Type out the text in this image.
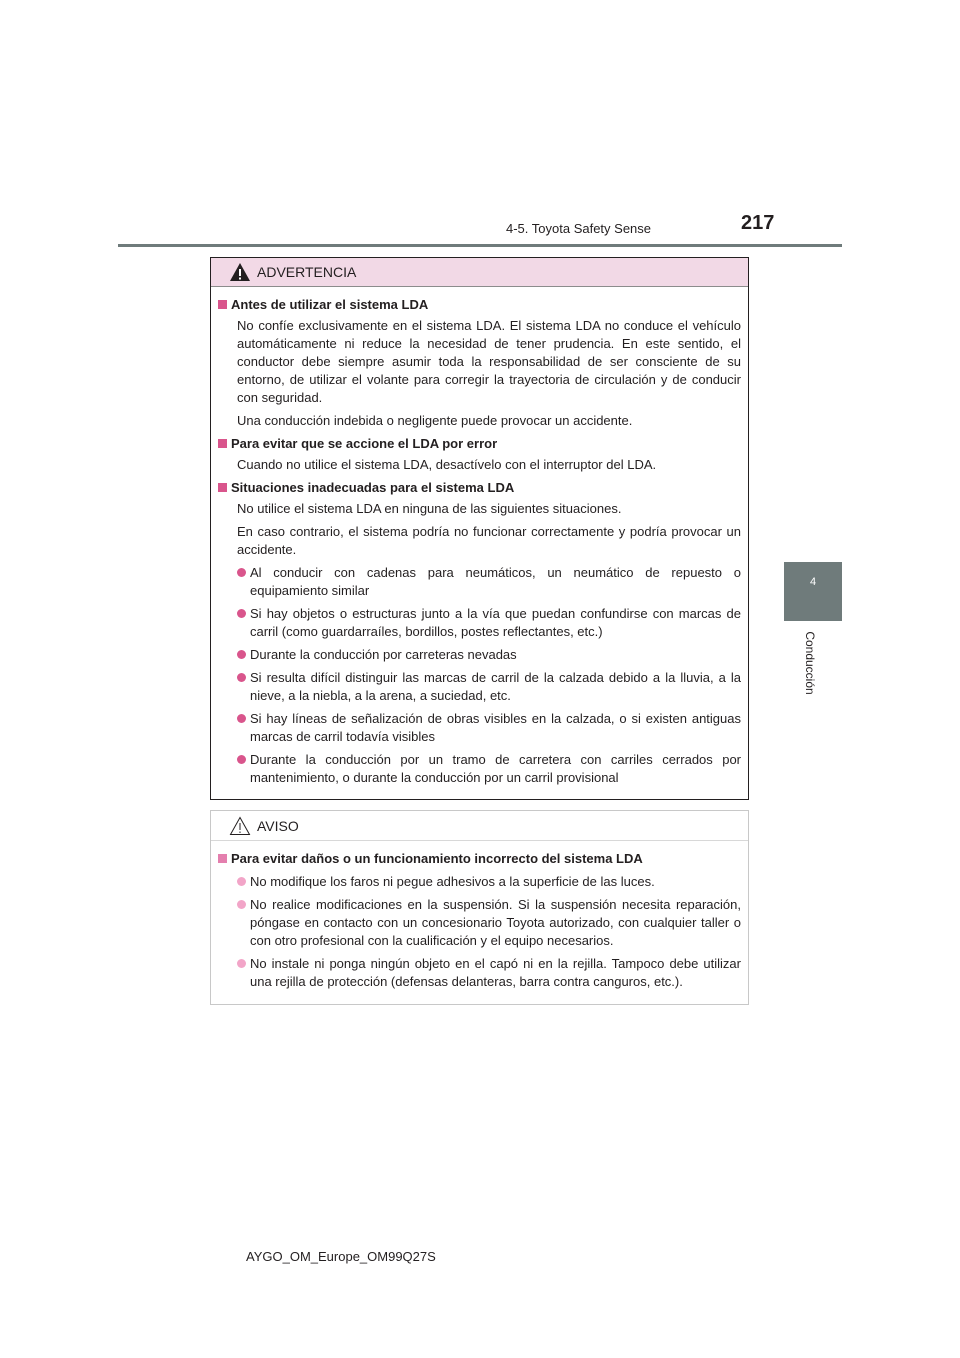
4-5. Toyota Safety Sense	217
4
Conducción
ADVERTENCIA
Antes de utilizar el sistema LDA
No confíe exclusivamente en el sistema LDA. El sistema LDA no conduce el vehículo automáticamente ni reduce la necesidad de tener prudencia. En este sentido, el conductor debe siempre asumir toda la responsabilidad de ser consciente de su entorno, de utilizar el volante para corregir la trayectoria de circulación y de conducir con seguridad.
Una conducción indebida o negligente puede provocar un accidente.
Para evitar que se accione el LDA por error
Cuando no utilice el sistema LDA, desactívelo con el interruptor del LDA.
Situaciones inadecuadas para el sistema LDA
No utilice el sistema LDA en ninguna de las siguientes situaciones.
En caso contrario, el sistema podría no funcionar correctamente y podría provocar un accidente.
Al conducir con cadenas para neumáticos, un neumático de repuesto o equipamiento similar
Si hay objetos o estructuras junto a la vía que puedan confundirse con marcas de carril (como guardarraíles, bordillos, postes reflectantes, etc.)
Durante la conducción por carreteras nevadas
Si resulta difícil distinguir las marcas de carril de la calzada debido a la lluvia, a la nieve, a la niebla, a la arena, a suciedad, etc.
Si hay líneas de señalización de obras visibles en la calzada, o si existen antiguas marcas de carril todavía visibles
Durante la conducción por un tramo de carretera con carriles cerrados por mantenimiento, o durante la conducción por un carril provisional
AVISO
Para evitar daños o un funcionamiento incorrecto del sistema LDA
No modifique los faros ni pegue adhesivos a la superficie de las luces.
No realice modificaciones en la suspensión. Si la suspensión necesita reparación, póngase en contacto con un concesionario Toyota autorizado, con cualquier taller o con otro profesional con la cualificación y el equipo necesarios.
No instale ni ponga ningún objeto en el capó ni en la rejilla. Tampoco debe utilizar una rejilla de protección (defensas delanteras, barra contra canguros, etc.).
AYGO_OM_Europe_OM99Q27S
